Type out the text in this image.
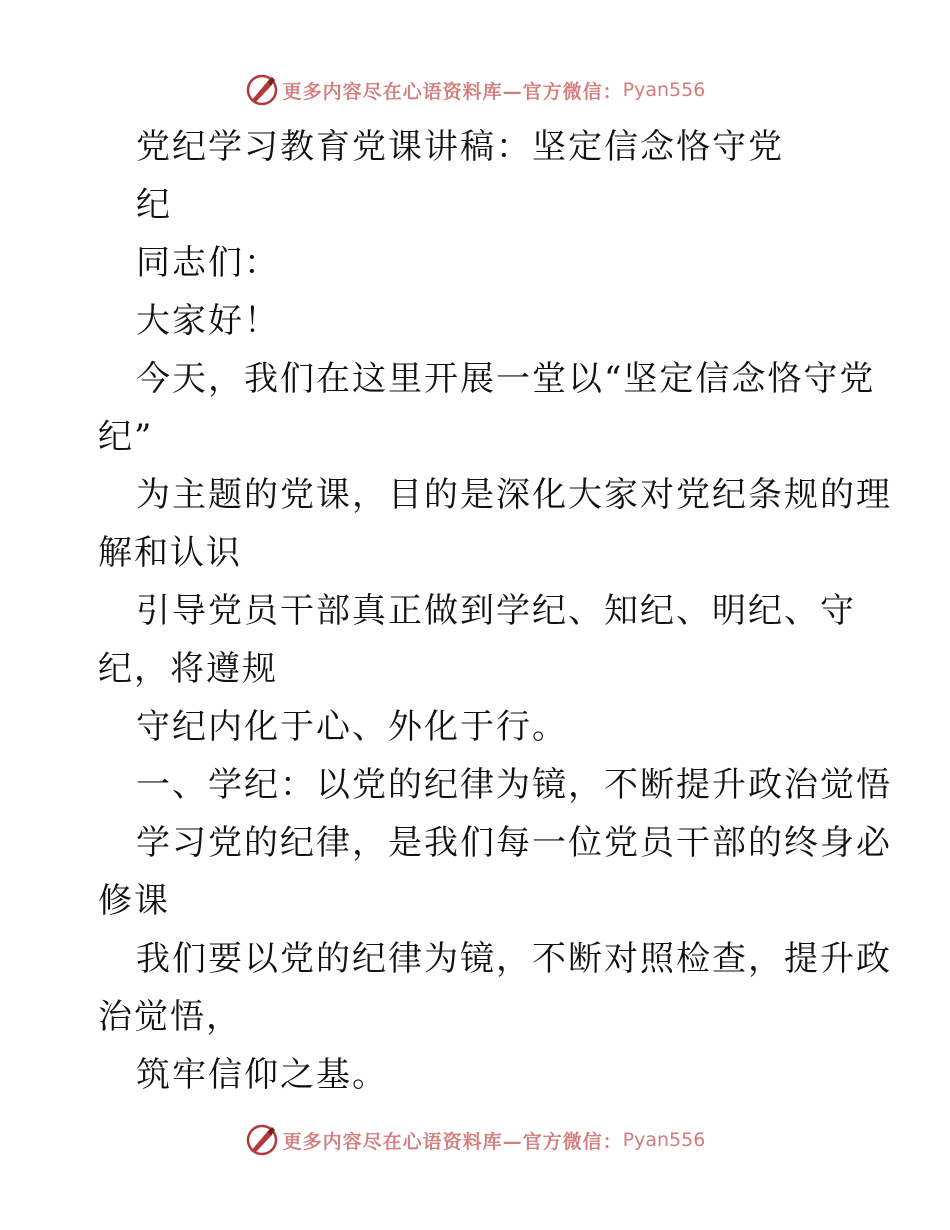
更多内容尽在心语资料库—官方微信： Pyan556
党纪学习教育党课讲稿：坚定信念恪守党
纪
同志们：
大家好！
今天，我们在这里开展一堂以“坚定信念恪守党
纪”
为主题的党课，目的是深化大家对党纪条规的理
解和认识
引导党员干部真正做到学纪、知纪、明纪、守
纪，将遵规
守纪内化于心、外化于行。
一、学纪：以党的纪律为镜，不断提升政治觉悟
学习党的纪律，是我们每一位党员干部的终身必
修课
我们要以党的纪律为镜，不断对照检查，提升政
治觉悟，
筑牢信仰之基。
更多内容尽在心语资料库—官方微信： Pyan556
